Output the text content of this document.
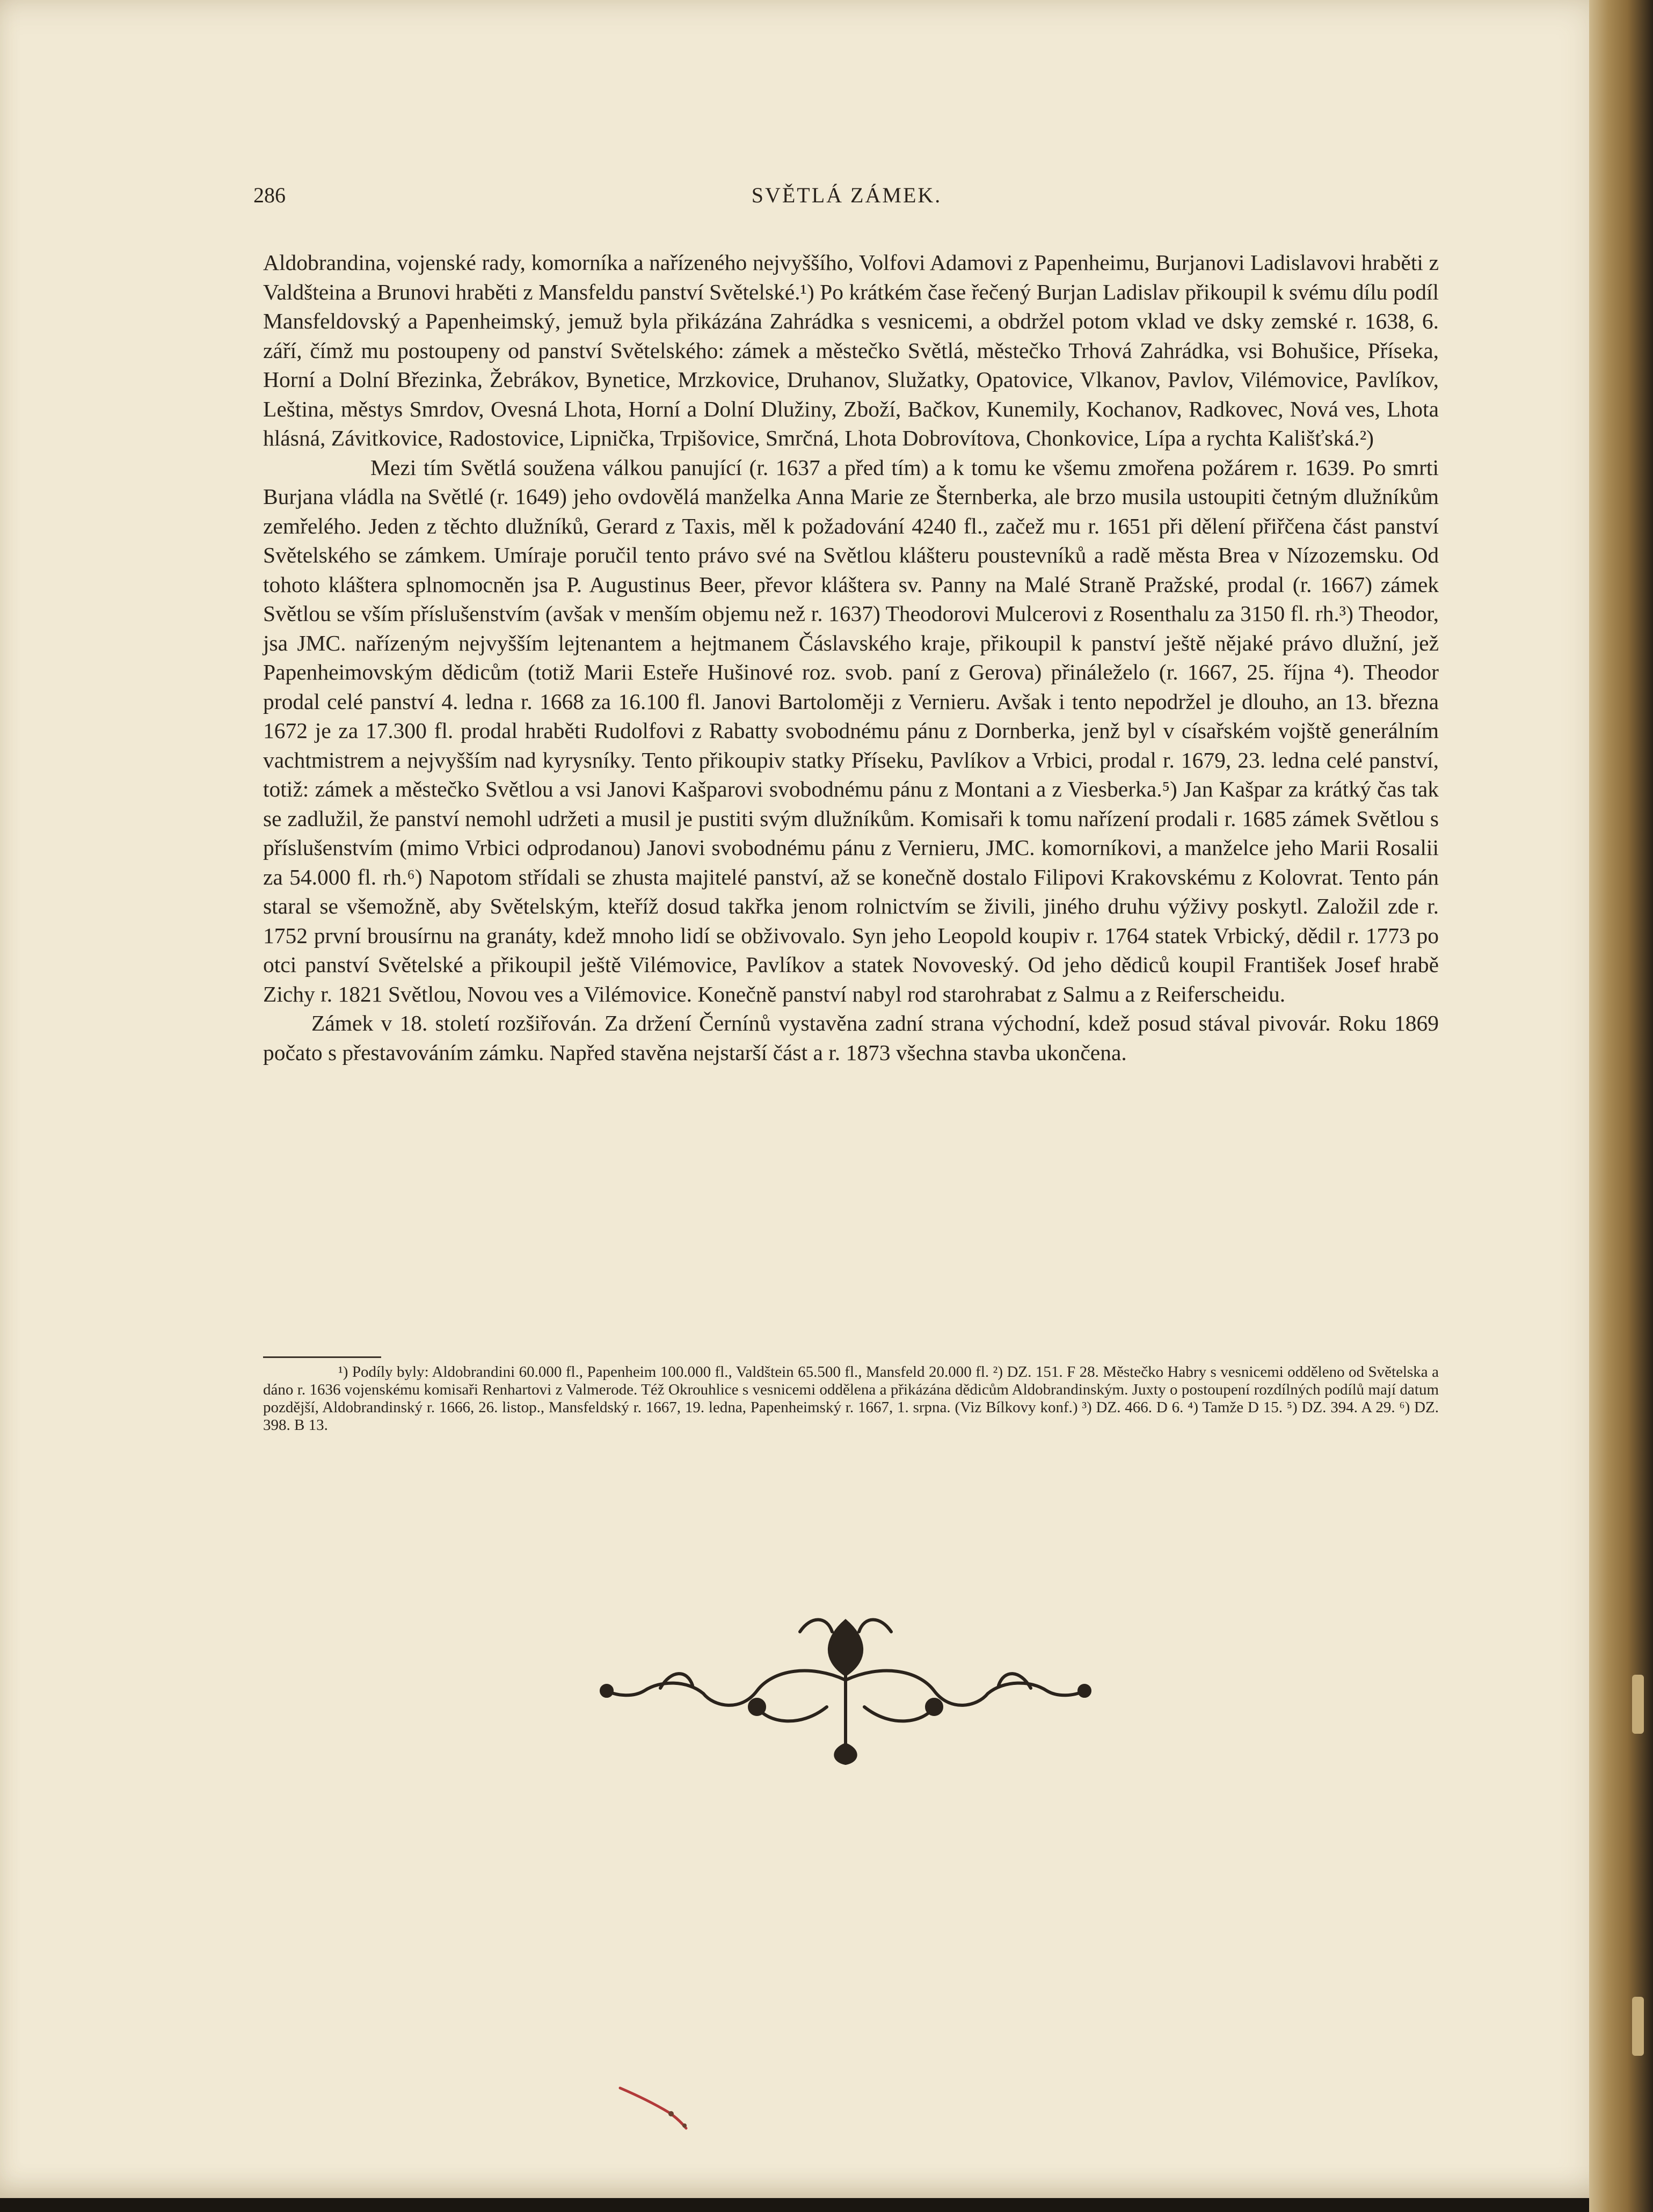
286	SVĚTLÁ ZÁMEK.

Aldobrandina, vojenské rady, komorníka a nařízeného nejvyššího, Volfovi Adamovi z Papenheimu, Burjanovi Ladislavovi hraběti z Valdšteina a Brunovi hraběti z Mansfeldu panství Světelské.¹) Po krátkém čase řečený Burjan Ladislav přikoupil k svému dílu podíl Mansfeldovský a Papenheimský, jemuž byla přikázána Zahrádka s vesnicemi, a obdržel potom vklad ve dsky zemské r. 1638, 6. září, čímž mu postoupeny od panství Světelského: zámek a městečko Světlá, městečko Trhová Zahrádka, vsi Bohušice, Příseka, Horní a Dolní Březinka, Žebrákov, Bynetice, Mrzkovice, Druhanov, Služatky, Opatovice, Vlkanov, Pavlov, Vilémovice, Pavlíkov, Leština, městys Smrdov, Ovesná Lhota, Horní a Dolní Dlužiny, Zboží, Bačkov, Kunemily, Kochanov, Radkovec, Nová ves, Lhota hlásná, Závitkovice, Radostovice, Lipnička, Trpišovice, Smrčná, Lhota Dobrovítova, Chonkovice, Lípa a rychta Kališťská.²)

Mezi tím Světlá soužena válkou panující (r. 1637 a před tím) a k tomu ke všemu zmořena požárem r. 1639. Po smrti Burjana vládla na Světlé (r. 1649) jeho ovdovělá manželka Anna Marie ze Šternberka, ale brzo musila ustoupiti četným dlužníkům zemřelého. Jeden z těchto dlužníků, Gerard z Taxis, měl k požadování 4240 fl., začež mu r. 1651 při dělení přiřčena část panství Světelského se zámkem. Umíraje poručil tento právo své na Světlou klášteru poustevníků a radě města Brea v Nízozemsku. Od tohoto kláštera splnomocněn jsa P. Augustinus Beer, převor kláštera sv. Panny na Malé Straně Pražské, prodal (r. 1667) zámek Světlou se vším příslušenstvím (avšak v menším objemu než r. 1637) Theodorovi Mulcerovi z Rosenthalu za 3150 fl. rh.³) Theodor, jsa JMC. nařízeným nejvyšším lejtenantem a hejtmanem Čáslavského kraje, přikoupil k panství ještě nějaké právo dlužní, jež Papenheimovským dědicům (totiž Marii Esteře Hušinové roz. svob. paní z Gerova) přináleželo (r. 1667, 25. října ⁴). Theodor prodal celé panství 4. ledna r. 1668 za 16.100 fl. Janovi Bartoloměji z Vernieru. Avšak i tento nepodržel je dlouho, an 13. března 1672 je za 17.300 fl. prodal hraběti Rudolfovi z Rabatty svobodnému pánu z Dornberka, jenž byl v císařském vojště generálním vachtmistrem a nejvyšším nad kyrysníky. Tento přikoupiv statky Příseku, Pavlíkov a Vrbici, prodal r. 1679, 23. ledna celé panství, totiž: zámek a městečko Světlou a vsi Janovi Kašparovi svobodnému pánu z Montani a z Viesberka.⁵) Jan Kašpar za krátký čas tak se zadlužil, že panství nemohl udržeti a musil je pustiti svým dlužníkům. Komisaři k tomu nařízení prodali r. 1685 zámek Světlou s příslušenstvím (mimo Vrbici odprodanou) Janovi svobodnému pánu z Vernieru, JMC. komorníkovi, a manželce jeho Marii Rosalii za 54.000 fl. rh.⁶) Napotom střídali se zhusta majitelé panství, až se konečně dostalo Filipovi Krakovskému z Kolovrat. Tento pán staral se všemožně, aby Světelským, kteříž dosud takřka jenom rolnictvím se živili, jiného druhu výživy poskytl. Založil zde r. 1752 první brousírnu na granáty, kdež mnoho lidí se obživovalo. Syn jeho Leopold koupiv r. 1764 statek Vrbický, dědil r. 1773 po otci panství Světelské a přikoupil ještě Vilémovice, Pavlíkov a statek Novoveský. Od jeho dědiců koupil František Josef hrabě Zichy r. 1821 Světlou, Novou ves a Vilémovice. Konečně panství nabyl rod starohrabat z Salmu a z Reiferscheidu.

Zámek v 18. století rozšiřován. Za držení Černínů vystavěna zadní strana východní, kdež posud stával pivovár. Roku 1869 počato s přestavováním zámku. Napřed stavěna nejstarší část a r. 1873 všechna stavba ukončena.

¹) Podíly byly: Aldobrandini 60.000 fl., Papenheim 100.000 fl., Valdštein 65.500 fl., Mansfeld 20.000 fl. ²) DZ. 151. F 28. Městečko Habry s vesnicemi odděleno od Světelska a dáno r. 1636 vojenskému komisaři Renhartovi z Valmerode. Též Okrouhlice s vesnicemi oddělena a přikázána dědicům Aldobrandinským. Juxty o postoupení rozdílných podílů mají datum pozdější, Aldobrandinský r. 1666, 26. listop., Mansfeldský r. 1667, 19. ledna, Papenheimský r. 1667, 1. srpna. (Viz Bílkovy konf.) ³) DZ. 466. D 6. ⁴) Tamže D 15. ⁵) DZ. 394. A 29. ⁶) DZ. 398. B 13.
